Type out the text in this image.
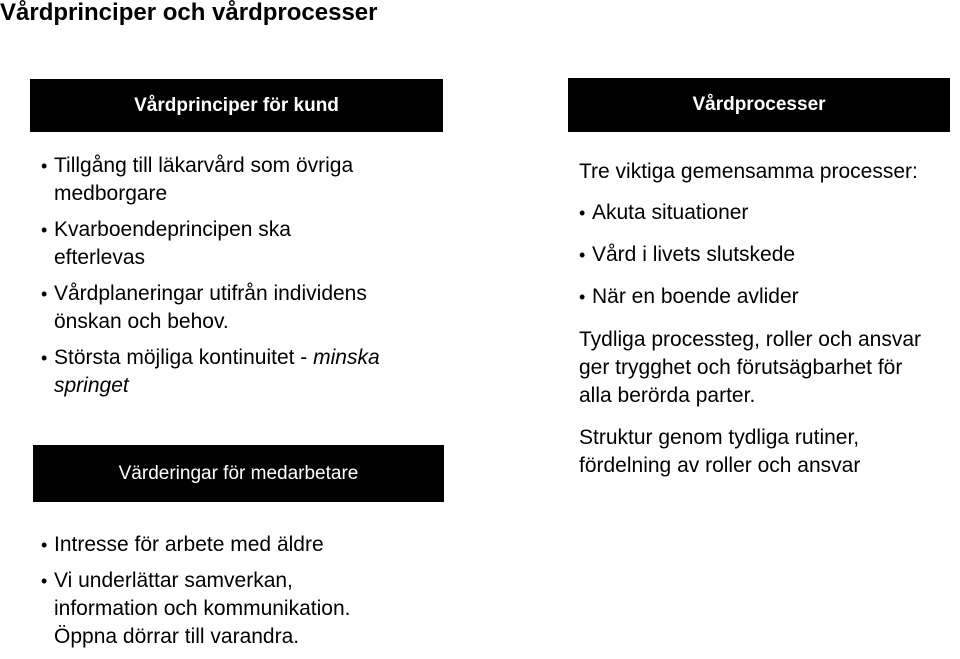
Vårdprinciper och vårdprocesser
Vårdprinciper för kund
• Tillgång till läkarvård som övriga
medborgare
• Kvarboendeprincipen ska
efterlevas
• Vårdplaneringar utifrån individens
önskan och behov.
• Största möjliga kontinuitet - minska
springet
Värderingar för medarbetare
• Intresse för arbete med äldre
• Vi underlättar samverkan,
information och kommunikation.
Öppna dörrar till varandra.
Vårdprocesser
Tre viktiga gemensamma processer:
• Akuta situationer
• Vård i livets slutskede
• När en boende avlider
Tydliga processteg, roller och ansvar
ger trygghet och förutsägbarhet för
alla berörda parter.
Struktur genom tydliga rutiner,
fördelning av roller och ansvar
